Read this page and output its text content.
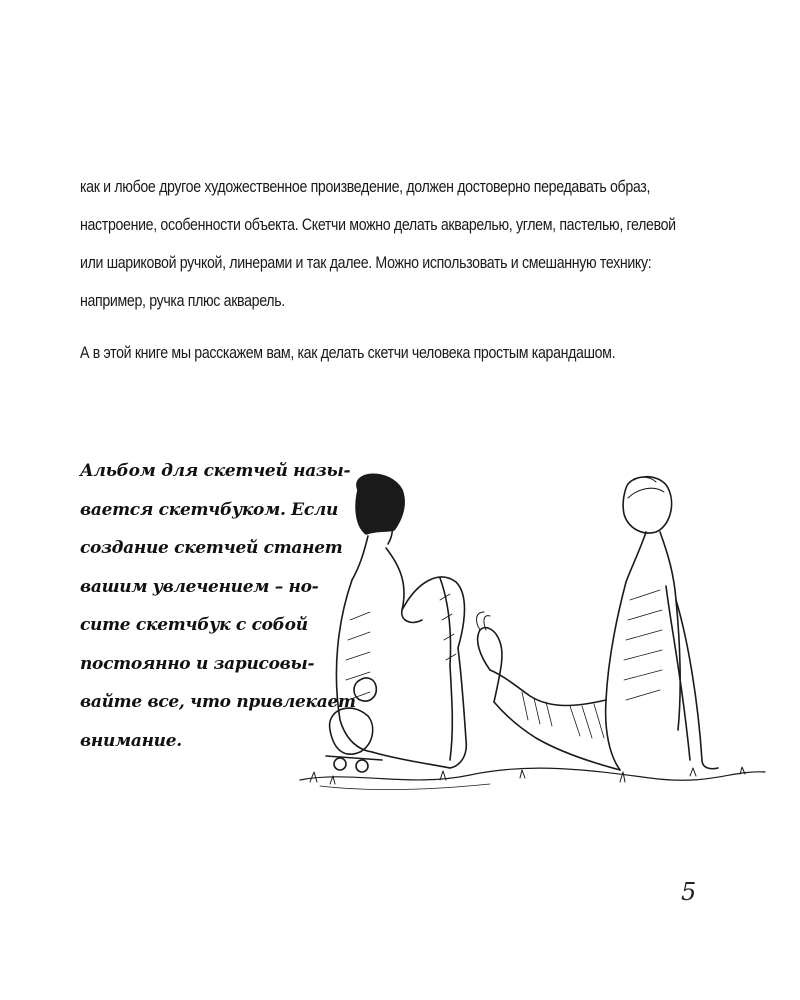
как и любое другое художественное произведение, должен достоверно передавать образ,
настроение, особенности объекта. Скетчи можно делать акварелью, углем, пастелью, гелевой
или шариковой ручкой, линерами и так далее. Можно использовать и смешанную технику:
например, ручка плюс акварель.

А в этой книге мы расскажем вам, как делать скетчи человека простым карандашом.

Альбом для скетчей назы-
вается скетчбуком. Если
создание скетчей станет
вашим увлечением – но-
сите скетчбук с собой
постоянно и зарисовы-
вайте все, что привлекает
внимание.
5
